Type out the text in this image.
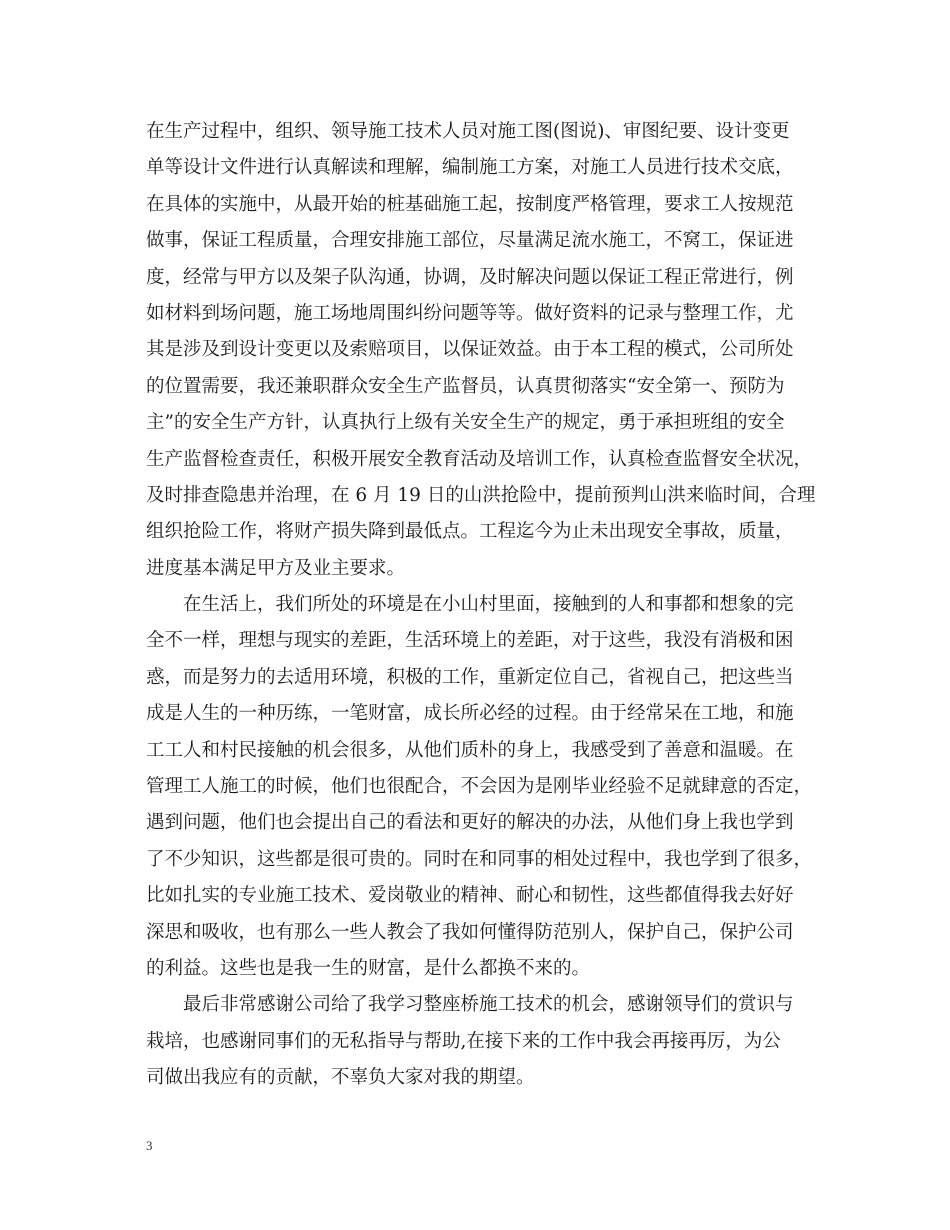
在生产过程中，组织、领导施工技术人员对施工图(图说)、审图纪要、设计变更
单等设计文件进行认真解读和理解，编制施工方案，对施工人员进行技术交底，
在具体的实施中，从最开始的桩基础施工起，按制度严格管理，要求工人按规范
做事，保证工程质量，合理安排施工部位，尽量满足流水施工，不窝工，保证进
度，经常与甲方以及架子队沟通，协调，及时解决问题以保证工程正常进行，例
如材料到场问题，施工场地周围纠纷问题等等。做好资料的记录与整理工作，尤
其是涉及到设计变更以及索赔项目，以保证效益。由于本工程的模式，公司所处
的位置需要，我还兼职群众安全生产监督员，认真贯彻落实“安全第一、预防为
主”的安全生产方针，认真执行上级有关安全生产的规定，勇于承担班组的安全
生产监督检查责任，积极开展安全教育活动及培训工作，认真检查监督安全状况，
及时排查隐患并治理，在 6 月 19 日的山洪抢险中，提前预判山洪来临时间，合理
组织抢险工作，将财产损失降到最低点。工程迄今为止未出现安全事故，质量，
进度基本满足甲方及业主要求。
在生活上，我们所处的环境是在小山村里面，接触到的人和事都和想象的完
全不一样，理想与现实的差距，生活环境上的差距，对于这些，我没有消极和困
惑，而是努力的去适用环境，积极的工作，重新定位自己，省视自己，把这些当
成是人生的一种历练，一笔财富，成长所必经的过程。由于经常呆在工地，和施
工工人和村民接触的机会很多，从他们质朴的身上，我感受到了善意和温暖。在
管理工人施工的时候，他们也很配合，不会因为是刚毕业经验不足就肆意的否定，
遇到问题，他们也会提出自己的看法和更好的解决的办法，从他们身上我也学到
了不少知识，这些都是很可贵的。同时在和同事的相处过程中，我也学到了很多，
比如扎实的专业施工技术、爱岗敬业的精神、耐心和韧性，这些都值得我去好好
深思和吸收，也有那么一些人教会了我如何懂得防范别人，保护自己，保护公司
的利益。这些也是我一生的财富，是什么都换不来的。
最后非常感谢公司给了我学习整座桥施工技术的机会，感谢领导们的赏识与
栽培，也感谢同事们的无私指导与帮助,在接下来的工作中我会再接再厉，为公
司做出我应有的贡献，不辜负大家对我的期望。
3
